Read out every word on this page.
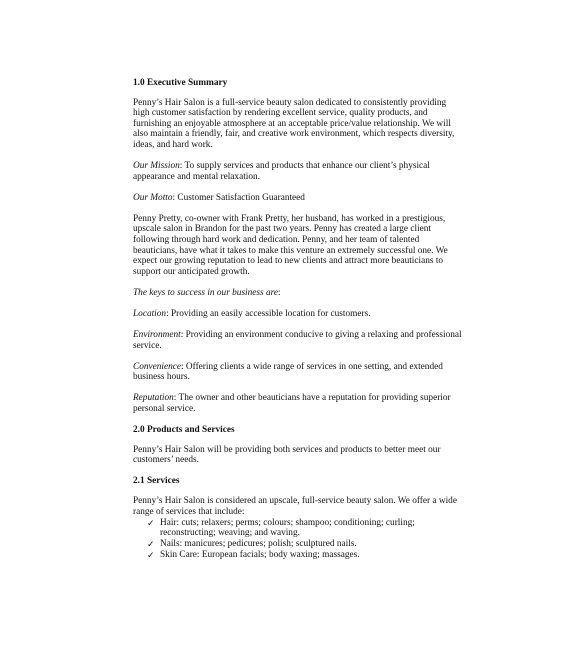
1.0 Executive Summary

Penny’s Hair Salon is a full-service beauty salon dedicated to consistently providing high customer satisfaction by rendering excellent service, quality products, and furnishing an enjoyable atmosphere at an acceptable price/value relationship. We will also maintain a friendly, fair, and creative work environment, which respects diversity, ideas, and hard work.

Our Mission: To supply services and products that enhance our client’s physical appearance and mental relaxation.

Our Motto: Customer Satisfaction Guaranteed

Penny Pretty, co-owner with Frank Pretty, her husband, has worked in a prestigious, upscale salon in Brandon for the past two years. Penny has created a large client following through hard work and dedication. Penny, and her team of talented beauticians, have what it takes to make this venture an extremely successful one. We expect our growing reputation to lead to new clients and attract more beauticians to support our anticipated growth.

The keys to success in our business are:

Location: Providing an easily accessible location for customers.

Environment: Providing an environment conducive to giving a relaxing and professional service.

Convenience: Offering clients a wide range of services in one setting, and extended business hours.

Reputation: The owner and other beauticians have a reputation for providing superior personal service.

2.0 Products and Services

Penny’s Hair Salon will be providing both services and products to better meet our customers’ needs.

2.1 Services

Penny’s Hair Salon is considered an upscale, full-service beauty salon. We offer a wide range of services that include:

✓ Hair: cuts; relaxers; perms; colours; shampoo; conditioning; curling; reconstructing; weaving; and waving.
✓ Nails: manicures; pedicures; polish; sculptured nails.
✓ Skin Care: European facials; body waxing; massages.
